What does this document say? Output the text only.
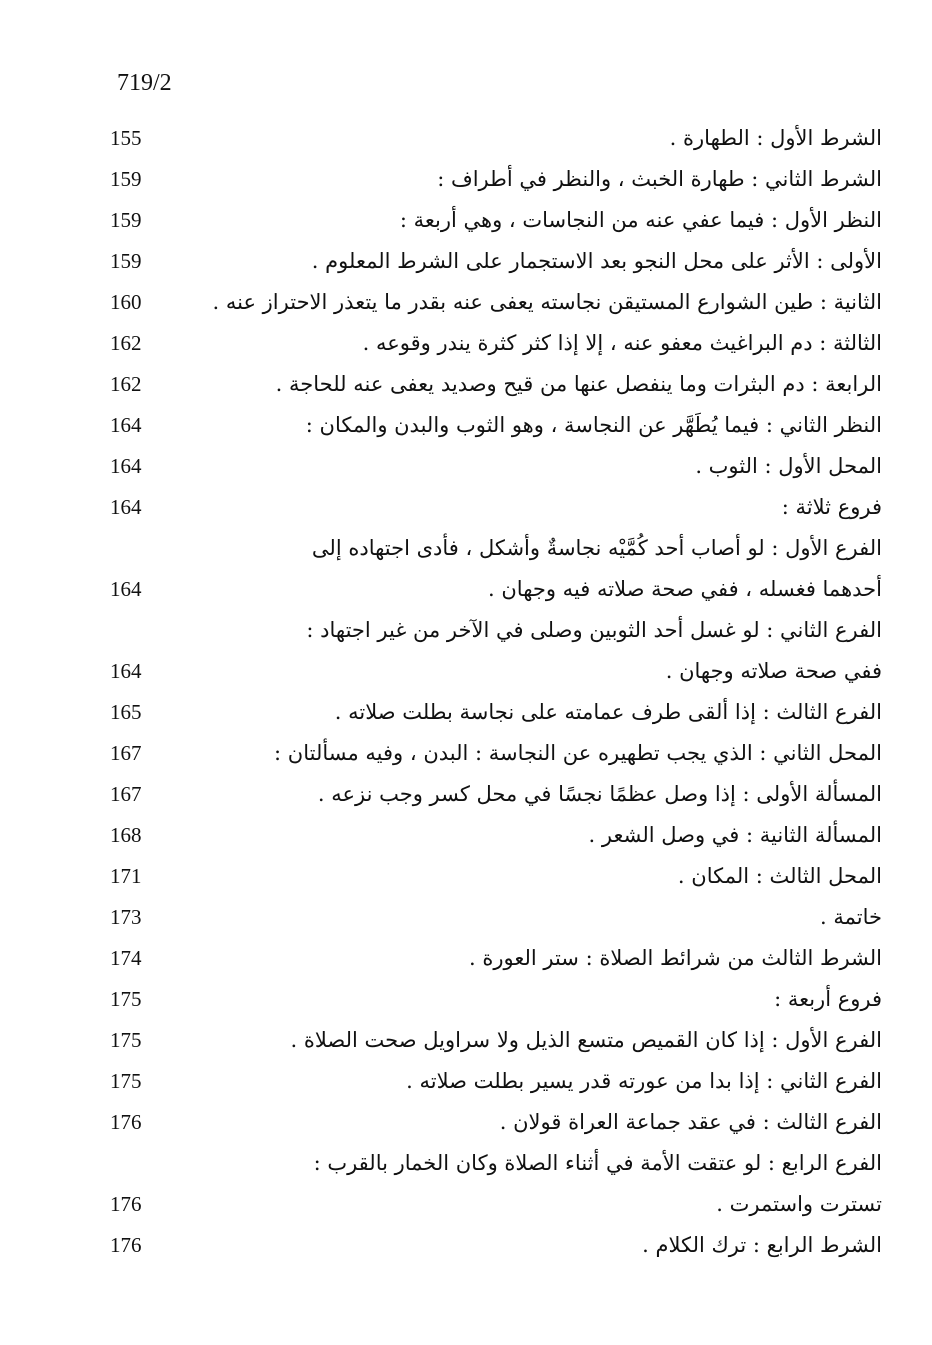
719/2
الشرط الأول : الطهارة .
155
الشرط الثاني : طهارة الخبث ، والنظر في أطراف :
159
النظر الأول : فيما عفي عنه من النجاسات ، وهي أربعة :
159
الأولى : الأثر على محل النجو بعد الاستجمار على الشرط المعلوم .
159
الثانية : طين الشوارع المستيقن نجاسته يعفى عنه بقدر ما يتعذر الاحتراز عنه .
160
الثالثة : دم البراغيث معفو عنه ، إلا إذا كثر كثرة يندر وقوعه .
162
الرابعة : دم البثرات وما ينفصل عنها من قيح وصديد يعفى عنه للحاجة .
162
النظر الثاني : فيما يُطَهَّر عن النجاسة ، وهو الثوب والبدن والمكان :
164
المحل الأول : الثوب .
164
فروع ثلاثة :
164
الفرع الأول : لو أصاب أحد كُمَّيْه نجاسةٌ وأشكل ، فأدى اجتهاده إلى
أحدهما فغسله ، ففي صحة صلاته فيه وجهان .
164
الفرع الثاني : لو غسل أحد الثوبين وصلى في الآخر من غير اجتهاد :
ففي صحة صلاته وجهان .
164
الفرع الثالث : إذا ألقى طرف عمامته على نجاسة بطلت صلاته .
165
المحل الثاني : الذي يجب تطهيره عن النجاسة : البدن ، وفيه مسألتان :
167
المسألة الأولى : إذا وصل عظمًا نجسًا في محل كسر وجب نزعه .
167
المسألة الثانية : في وصل الشعر .
168
المحل الثالث : المكان .
171
خاتمة .
173
الشرط الثالث من شرائط الصلاة : ستر العورة .
174
فروع أربعة :
175
الفرع الأول : إذا كان القميص متسع الذيل ولا سراويل صحت الصلاة .
175
الفرع الثاني : إذا بدا من عورته قدر يسير بطلت صلاته .
175
الفرع الثالث : في عقد جماعة العراة قولان .
176
الفرع الرابع : لو عتقت الأمة في أثناء الصلاة وكان الخمار بالقرب :
تسترت واستمرت .
176
الشرط الرابع : ترك الكلام .
176
